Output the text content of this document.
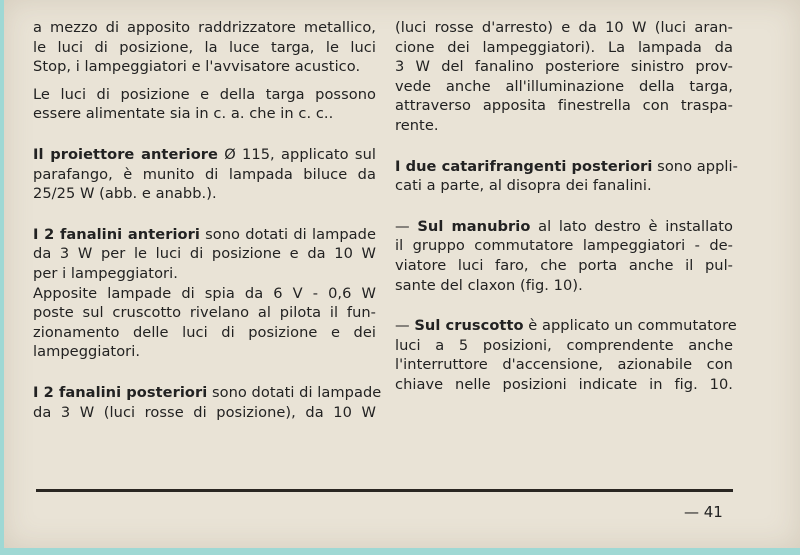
a mezzo di apposito raddrizzatore metallico,
le luci di posizione, la luce targa, le luci
Stop, i lampeggiatori e l'avvisatore acustico.

Le luci di posizione e della targa possono
essere alimentate sia in c. a. che in c. c..

Il proiettore anteriore Ø 115, applicato sul
parafango, è munito di lampada biluce da
25/25 W (abb. e anabb.).

I 2 fanalini anteriori sono dotati di lampade
da 3 W per le luci di posizione e da 10 W
per i lampeggiatori.
Apposite lampade di spia da 6 V - 0,6 W
poste sul cruscotto rivelano al pilota il fun-
zionamento delle luci di posizione e dei
lampeggiatori.

I 2 fanalini posteriori sono dotati di lampade
da 3 W (luci rosse di posizione), da 10 W

(luci rosse d'arresto) e da 10 W (luci aran-
cione dei lampeggiatori). La lampada da
3 W del fanalino posteriore sinistro prov-
vede anche all'illuminazione della targa,
attraverso apposita finestrella con traspa-
rente.

I due catarifrangenti posteriori sono appli-
cati a parte, al disopra dei fanalini.

— Sul manubrio al lato destro è installato
il gruppo commutatore lampeggiatori - de-
viatore luci faro, che porta anche il pul-
sante del claxon (fig. 10).

— Sul cruscotto è applicato un commutatore
luci a 5 posizioni, comprendente anche
l'interruttore d'accensione, azionabile con
chiave nelle posizioni indicate in fig. 10.

— 41
